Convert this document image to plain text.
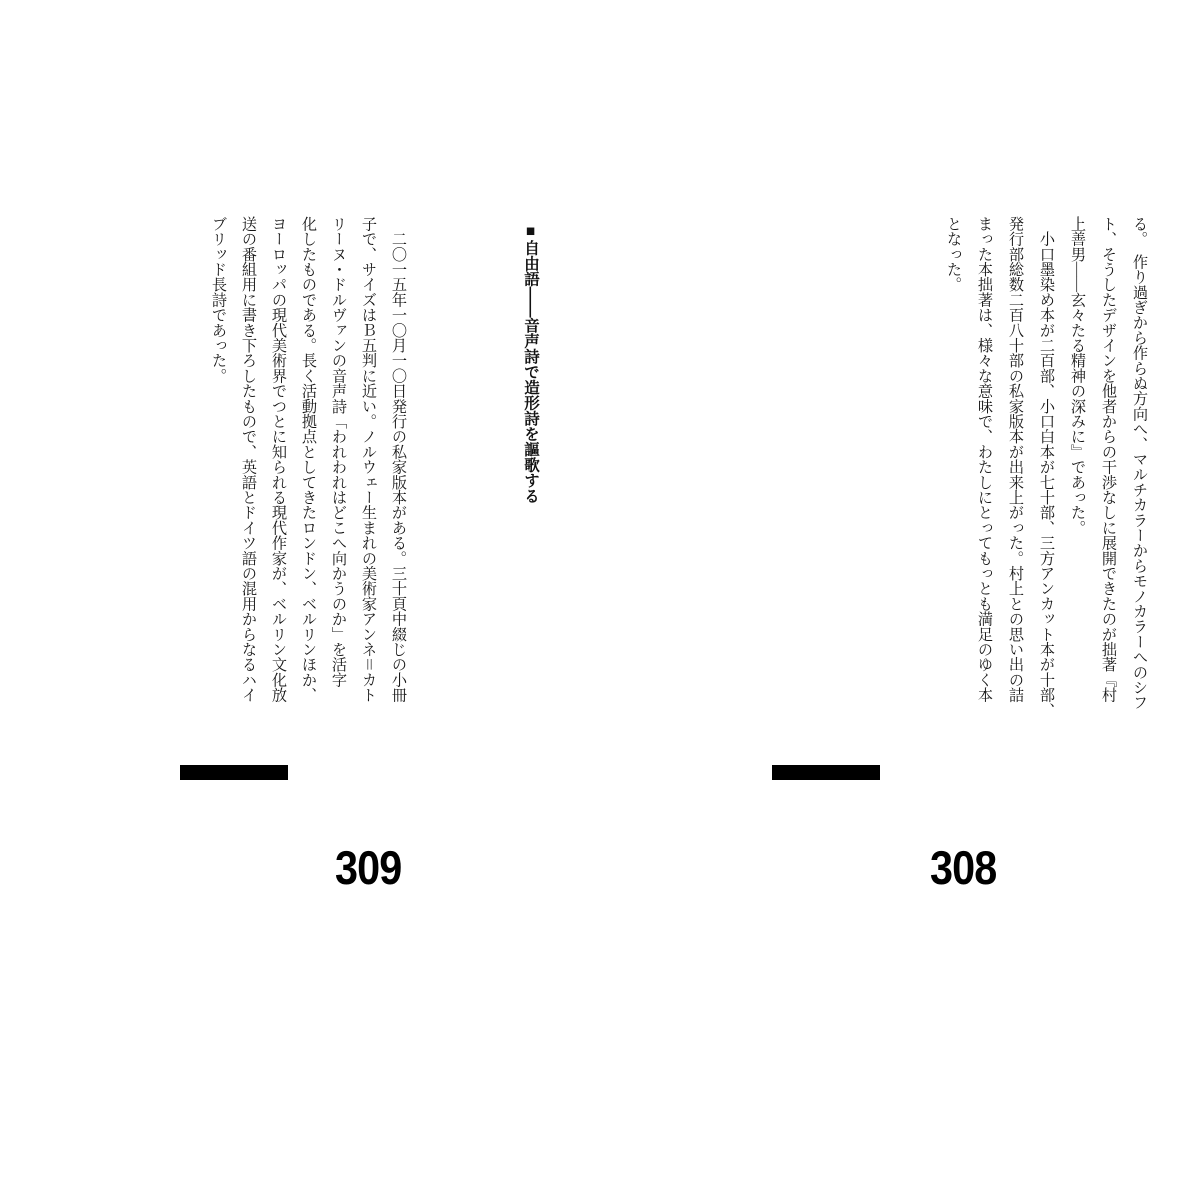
る。　作り過ぎから作らぬ方向へ、マルチカラーからモノカラーへのシフ
ト、そうしたデザインを他者からの干渉なしに展開できたのが拙著『村
上善男——玄々たる精神の深みに』であった。
　小口墨染め本が二百部、小口白本が七十部、三方アンカット本が十部、
発行部総数二百八十部の私家版本が出来上がった。村上との思い出の詰
まった本拙著は、様々な意味で、わたしにとってもっとも満足のゆく本
となった。
308
■自由語——音声詩で造形詩を謳歌する
　二〇一五年一〇月一〇日発行の私家版本がある。三十頁中綴じの小冊
子で、サイズはＢ五判に近い。ノルウェー生まれの美術家アンネ＝カト
リーヌ・ドルヴァンの音声詩「われわれはどこへ向かうのか」を活字
化したものである。長く活動拠点としてきたロンドン、ベルリンほか、
ヨーロッパの現代美術界でつとに知られる現代作家が、ベルリン文化放
送の番組用に書き下ろしたもので、英語とドイツ語の混用からなるハイ
ブリッド長詩であった。
309
